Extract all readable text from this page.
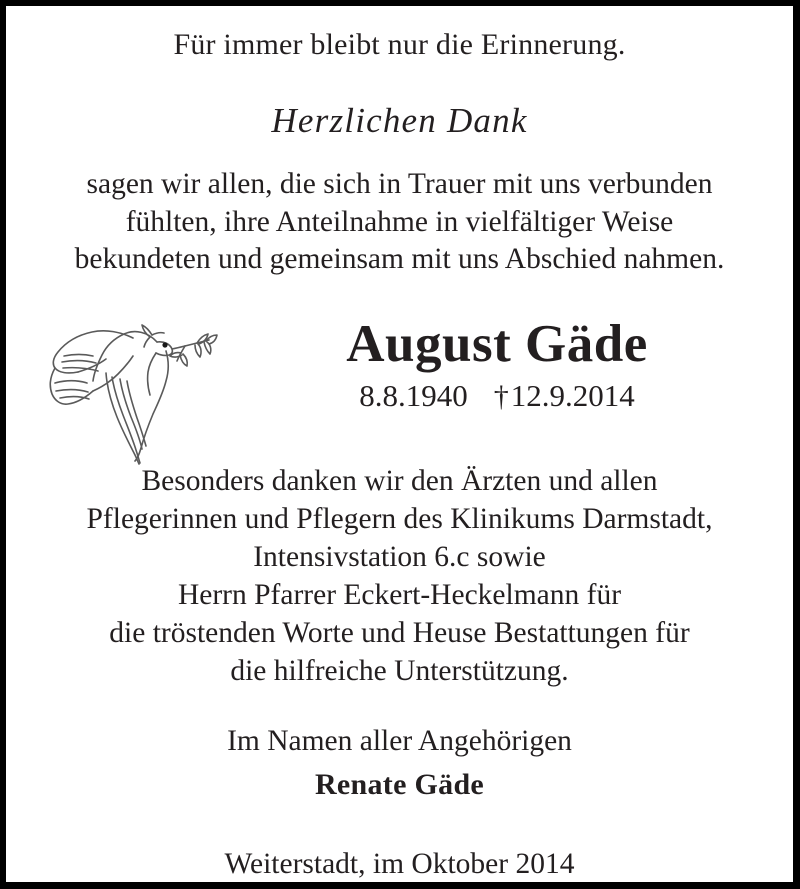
Für immer bleibt nur die Erinnerung.
Herzlichen Dank
sagen wir allen, die sich in Trauer mit uns verbunden
fühlten, ihre Anteilnahme in vielfältiger Weise
bekundeten und gemeinsam mit uns Abschied nahmen.
August Gäde
8.8.1940 †12.9.2014
Besonders danken wir den Ärzten und allen
Pflegerinnen und Pflegern des Klinikums Darmstadt,
Intensivstation 6.c sowie
Herrn Pfarrer Eckert-Heckelmann für
die tröstenden Worte und Heuse Bestattungen für
die hilfreiche Unterstützung.
Im Namen aller Angehörigen
Renate Gäde
Weiterstadt, im Oktober 2014
